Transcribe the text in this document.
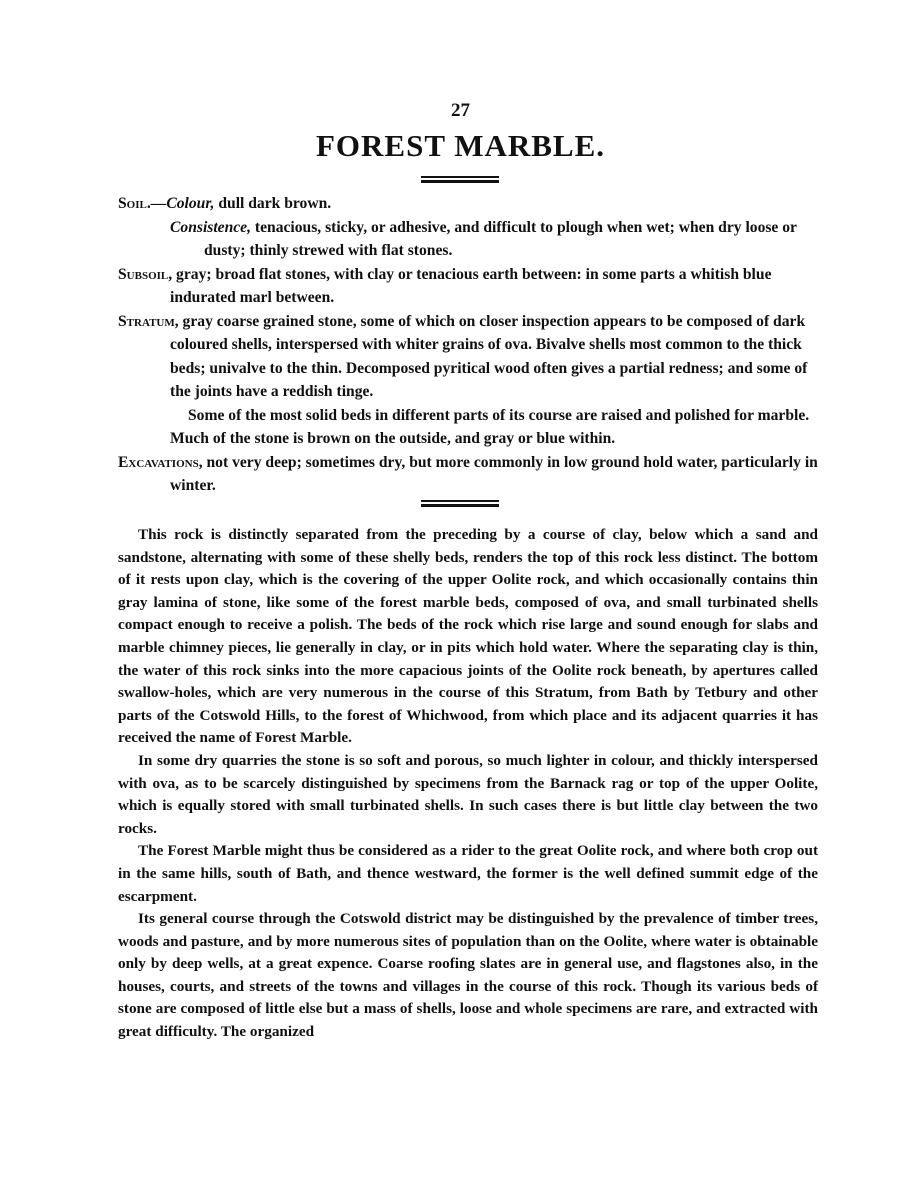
27
FOREST MARBLE.

Soil.—Colour, dull dark brown.

Consistence, tenacious, sticky, or adhesive, and difficult to plough when wet; when dry loose or dusty; thinly strewed with flat stones.

Subsoil, gray; broad flat stones, with clay or tenacious earth between: in some parts a whitish blue indurated marl between.

Stratum, gray coarse grained stone, some of which on closer inspection appears to be composed of dark coloured shells, interspersed with whiter grains of ova. Bivalve shells most common to the thick beds; univalve to the thin. Decomposed pyritical wood often gives a partial redness; and some of the joints have a reddish tinge.

Some of the most solid beds in different parts of its course are raised and polished for marble. Much of the stone is brown on the outside, and gray or blue within.

Excavations, not very deep; sometimes dry, but more commonly in low ground hold water, particularly in winter.

This rock is distinctly separated from the preceding by a course of clay, below which a sand and sandstone, alternating with some of these shelly beds, renders the top of this rock less distinct. The bottom of it rests upon clay, which is the covering of the upper Oolite rock, and which occasionally contains thin gray lamina of stone, like some of the forest marble beds, composed of ova, and small turbinated shells compact enough to receive a polish. The beds of the rock which rise large and sound enough for slabs and marble chimney pieces, lie generally in clay, or in pits which hold water. Where the separating clay is thin, the water of this rock sinks into the more capacious joints of the Oolite rock beneath, by apertures called swallow-holes, which are very numerous in the course of this Stratum, from Bath by Tetbury and other parts of the Cotswold Hills, to the forest of Whichwood, from which place and its adjacent quarries it has received the name of Forest Marble.

In some dry quarries the stone is so soft and porous, so much lighter in colour, and thickly interspersed with ova, as to be scarcely distinguished by specimens from the Barnack rag or top of the upper Oolite, which is equally stored with small turbinated shells. In such cases there is but little clay between the two rocks.

The Forest Marble might thus be considered as a rider to the great Oolite rock, and where both crop out in the same hills, south of Bath, and thence westward, the former is the well defined summit edge of the escarpment.

Its general course through the Cotswold district may be distinguished by the prevalence of timber trees, woods and pasture, and by more numerous sites of population than on the Oolite, where water is obtainable only by deep wells, at a great expence. Coarse roofing slates are in general use, and flagstones also, in the houses, courts, and streets of the towns and villages in the course of this rock. Though its various beds of stone are composed of little else but a mass of shells, loose and whole specimens are rare, and extracted with great difficulty. The organized
